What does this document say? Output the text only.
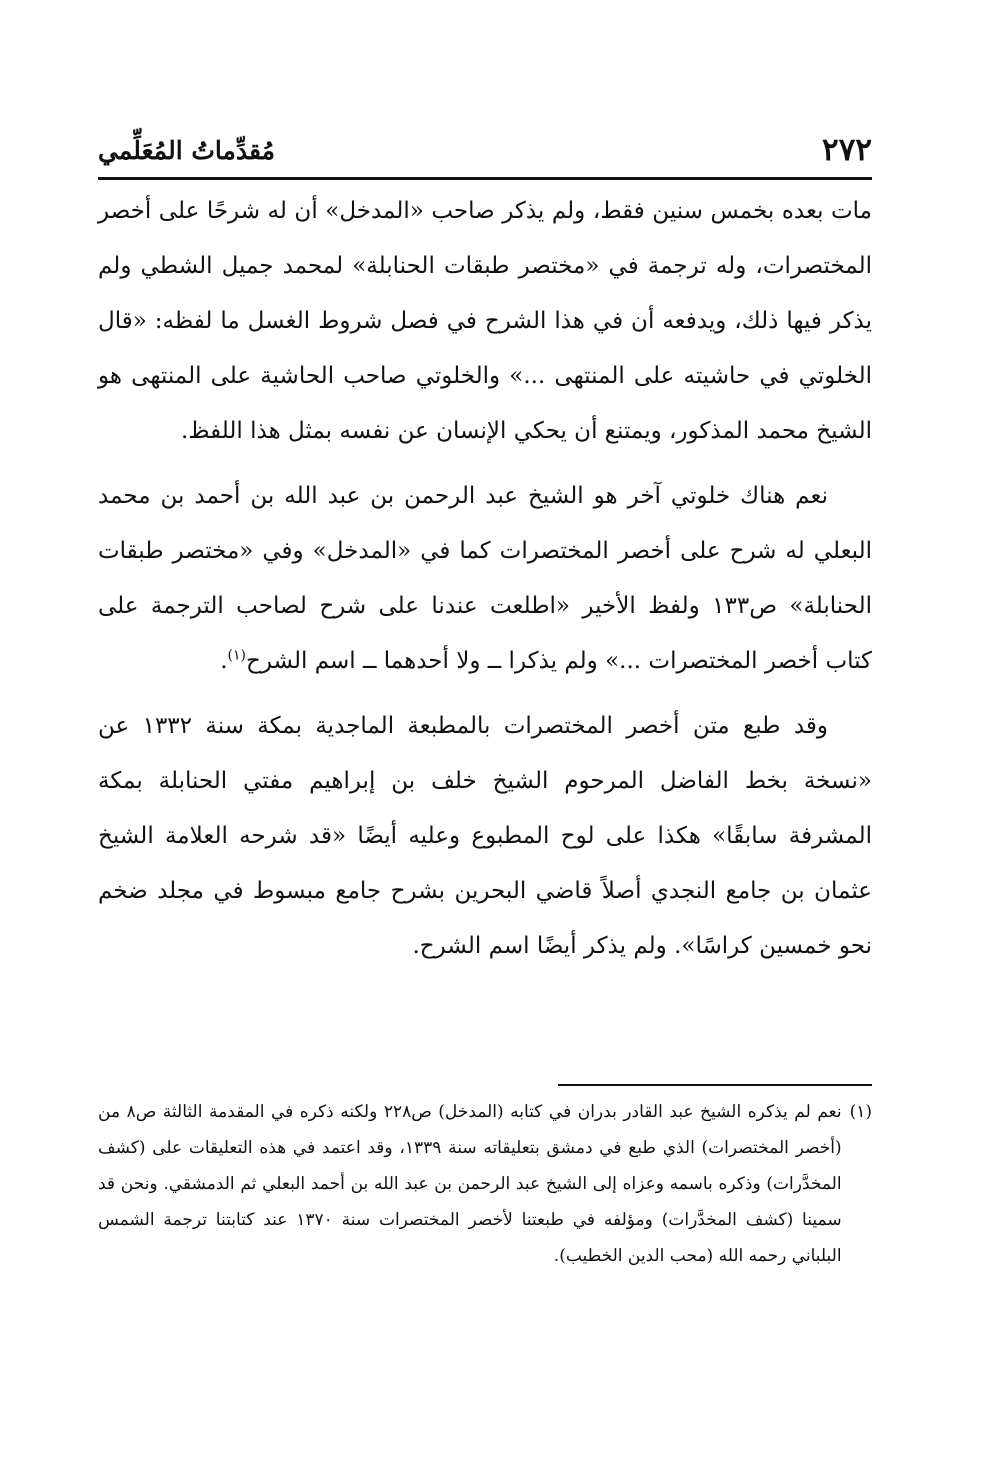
٢٧٢
مُقدِّماتُ المُعَلِّمي

مات بعده بخمس سنين فقط، ولم يذكر صاحب «المدخل» أن له شرحًا على أخصر المختصرات، وله ترجمة في «مختصر طبقات الحنابلة» لمحمد جميل الشطي ولم يذكر فيها ذلك، ويدفعه أن في هذا الشرح في فصل شروط الغسل ما لفظه: «قال الخلوتي في حاشيته على المنتهى ...» والخلوتي صاحب الحاشية على المنتهى هو الشيخ محمد المذكور، ويمتنع أن يحكي الإنسان عن نفسه بمثل هذا اللفظ.

نعم هناك خلوتي آخر هو الشيخ عبد الرحمن بن عبد الله بن أحمد بن محمد البعلي له شرح على أخصر المختصرات كما في «المدخل» وفي «مختصر طبقات الحنابلة» ص١٣٣ ولفظ الأخير «اطلعت عندنا على شرح لصاحب الترجمة على كتاب أخصر المختصرات ...» ولم يذكرا ــ ولا أحدهما ــ اسم الشرح$^{(١)}$.

وقد طبع متن أخصر المختصرات بالمطبعة الماجدية بمكة سنة ١٣٣٢ عن «نسخة بخط الفاضل المرحوم الشيخ خلف بن إبراهيم مفتي الحنابلة بمكة المشرفة سابقًا» هكذا على لوح المطبوع وعليه أيضًا «قد شرحه العلامة الشيخ عثمان بن جامع النجدي أصلاً قاضي البحرين بشرح جامع مبسوط في مجلد ضخم نحو خمسين كراسًا». ولم يذكر أيضًا اسم الشرح.

(١)
نعم لم يذكره الشيخ عبد القادر بدران في كتابه (المدخل) ص٢٢٨ ولكنه ذكره في المقدمة الثالثة ص٨ من (أخصر المختصرات) الذي طبع في دمشق بتعليقاته سنة ١٣٣٩، وقد اعتمد في هذه التعليقات على (كشف المخدَّرات) وذكره باسمه وعزاه إلى الشيخ عبد الرحمن بن عبد الله بن أحمد البعلي ثم الدمشقي. ونحن قد سمينا (كشف المخدَّرات) ومؤلفه في طبعتنا لأخصر المختصرات سنة ١٣٧٠ عند كتابتنا ترجمة الشمس البلباني رحمه الله (محب الدين الخطيب).
